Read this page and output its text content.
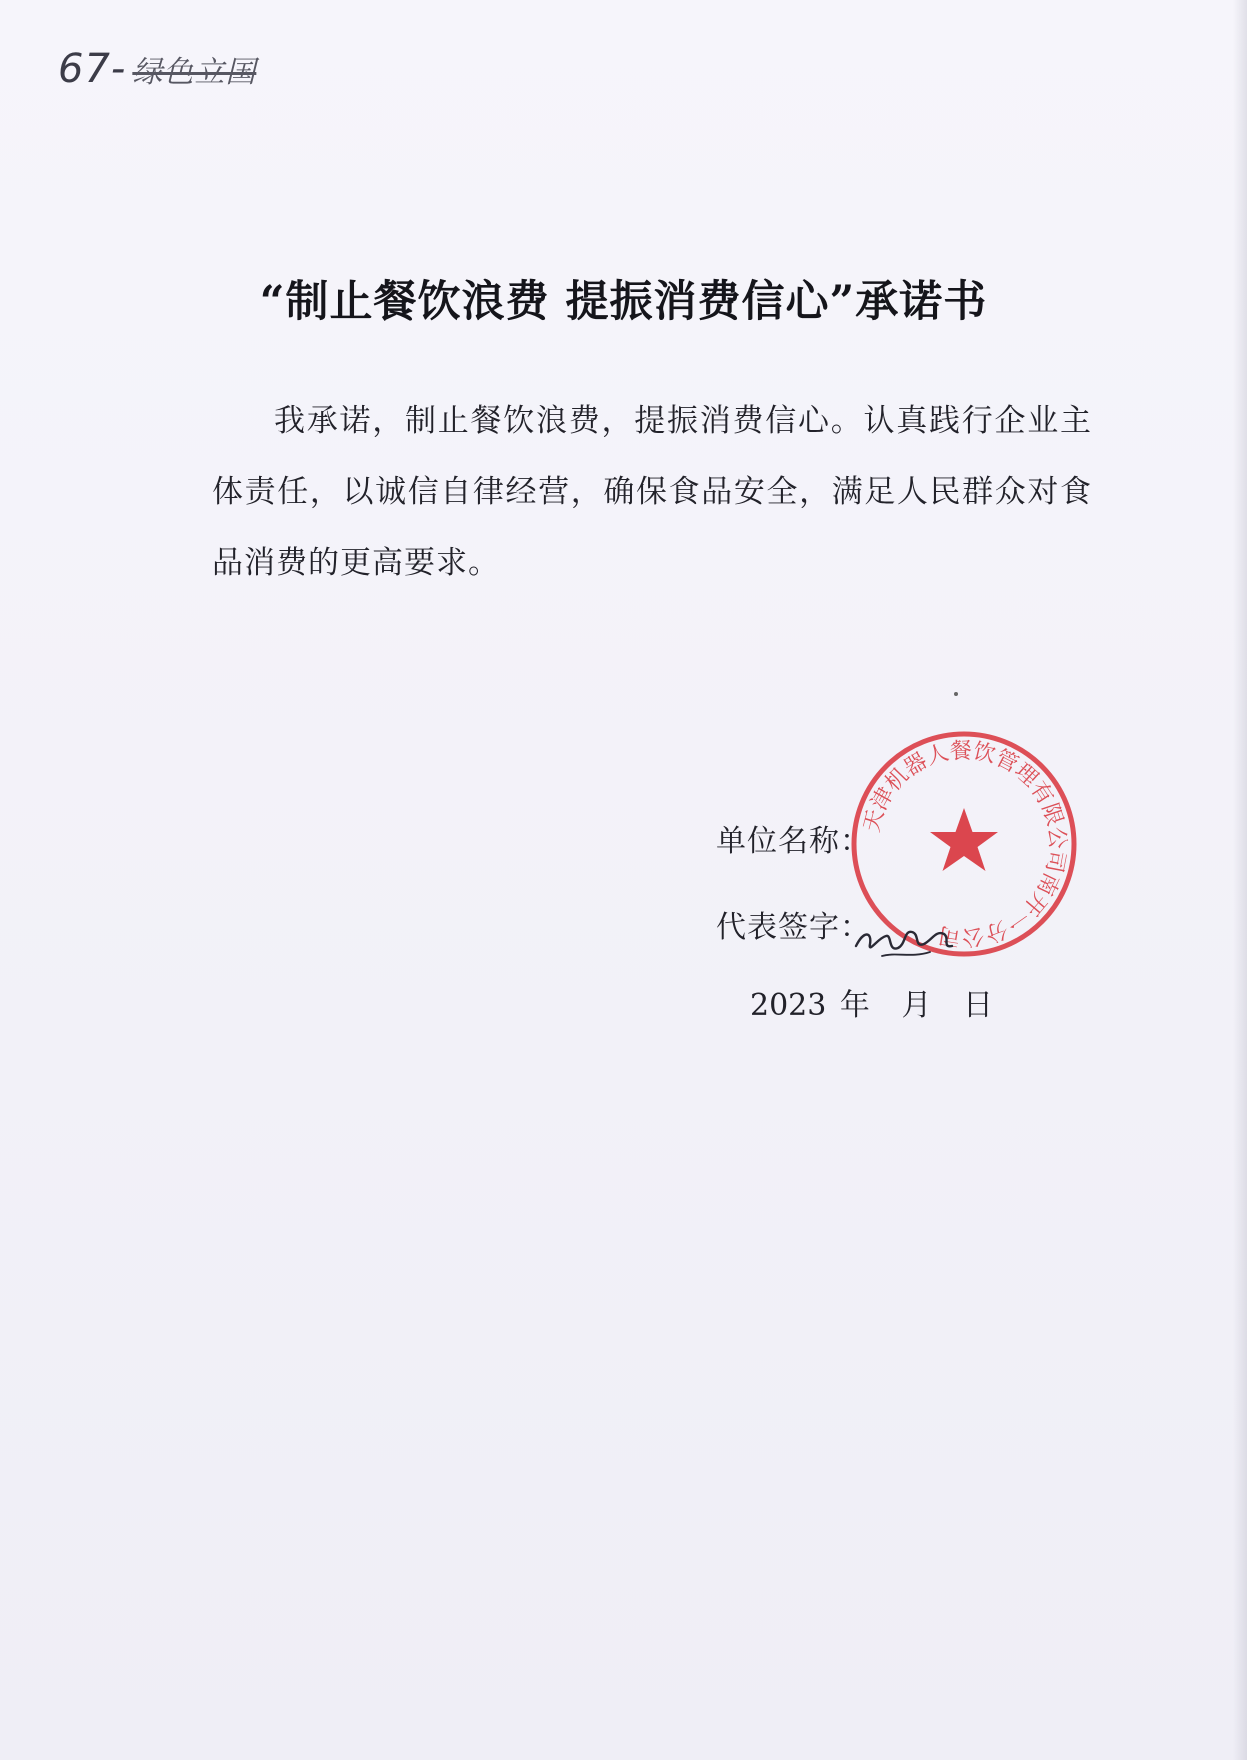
67- 绿色立国
“制止餐饮浪费 提振消费信心”承诺书
我承诺，制止餐饮浪费，提振消费信心。认真践行企业主体责任，以诚信自律经营，确保食品安全，满足人民群众对食品消费的更高要求。
单位名称：
代表签字：
2023 年 月 日
天津机器人餐饮管理有限公司南开一分公司
